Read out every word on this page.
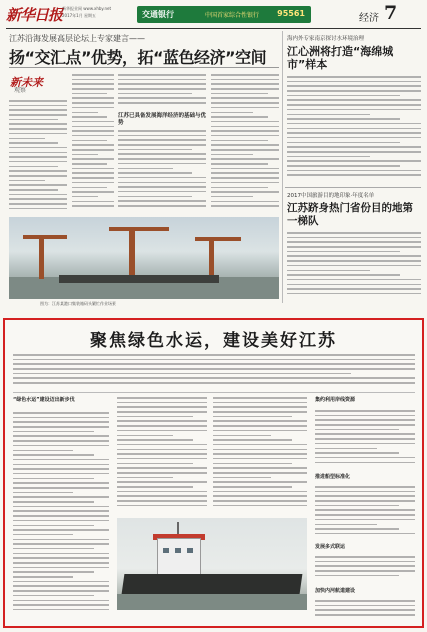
新华日报 新华报业网 www.xhby.net
2017年1月 星期五	交通银行	中国首家综合性银行 95561	经济 7
江苏沿海发展高层论坛上专家建言——
扬“交汇点”优势，拓“蓝色经济”空间
新未来
观察
江苏已具备发展海洋经济的基础与优势
图为：江苏某港口集装箱码头繁忙作业场景
海内外专家南京探讨水环境治理
江心洲将打造“海绵城市”样本
2017中国旅游目的地印象·年度名单
江苏跻身热门省份目的地第一梯队
聚焦绿色水运，建设美好江苏
“绿色水运”建设迈出新步伐	集约利用岸线资源
推进船型标准化
发展多式联运
加快内河航道建设
